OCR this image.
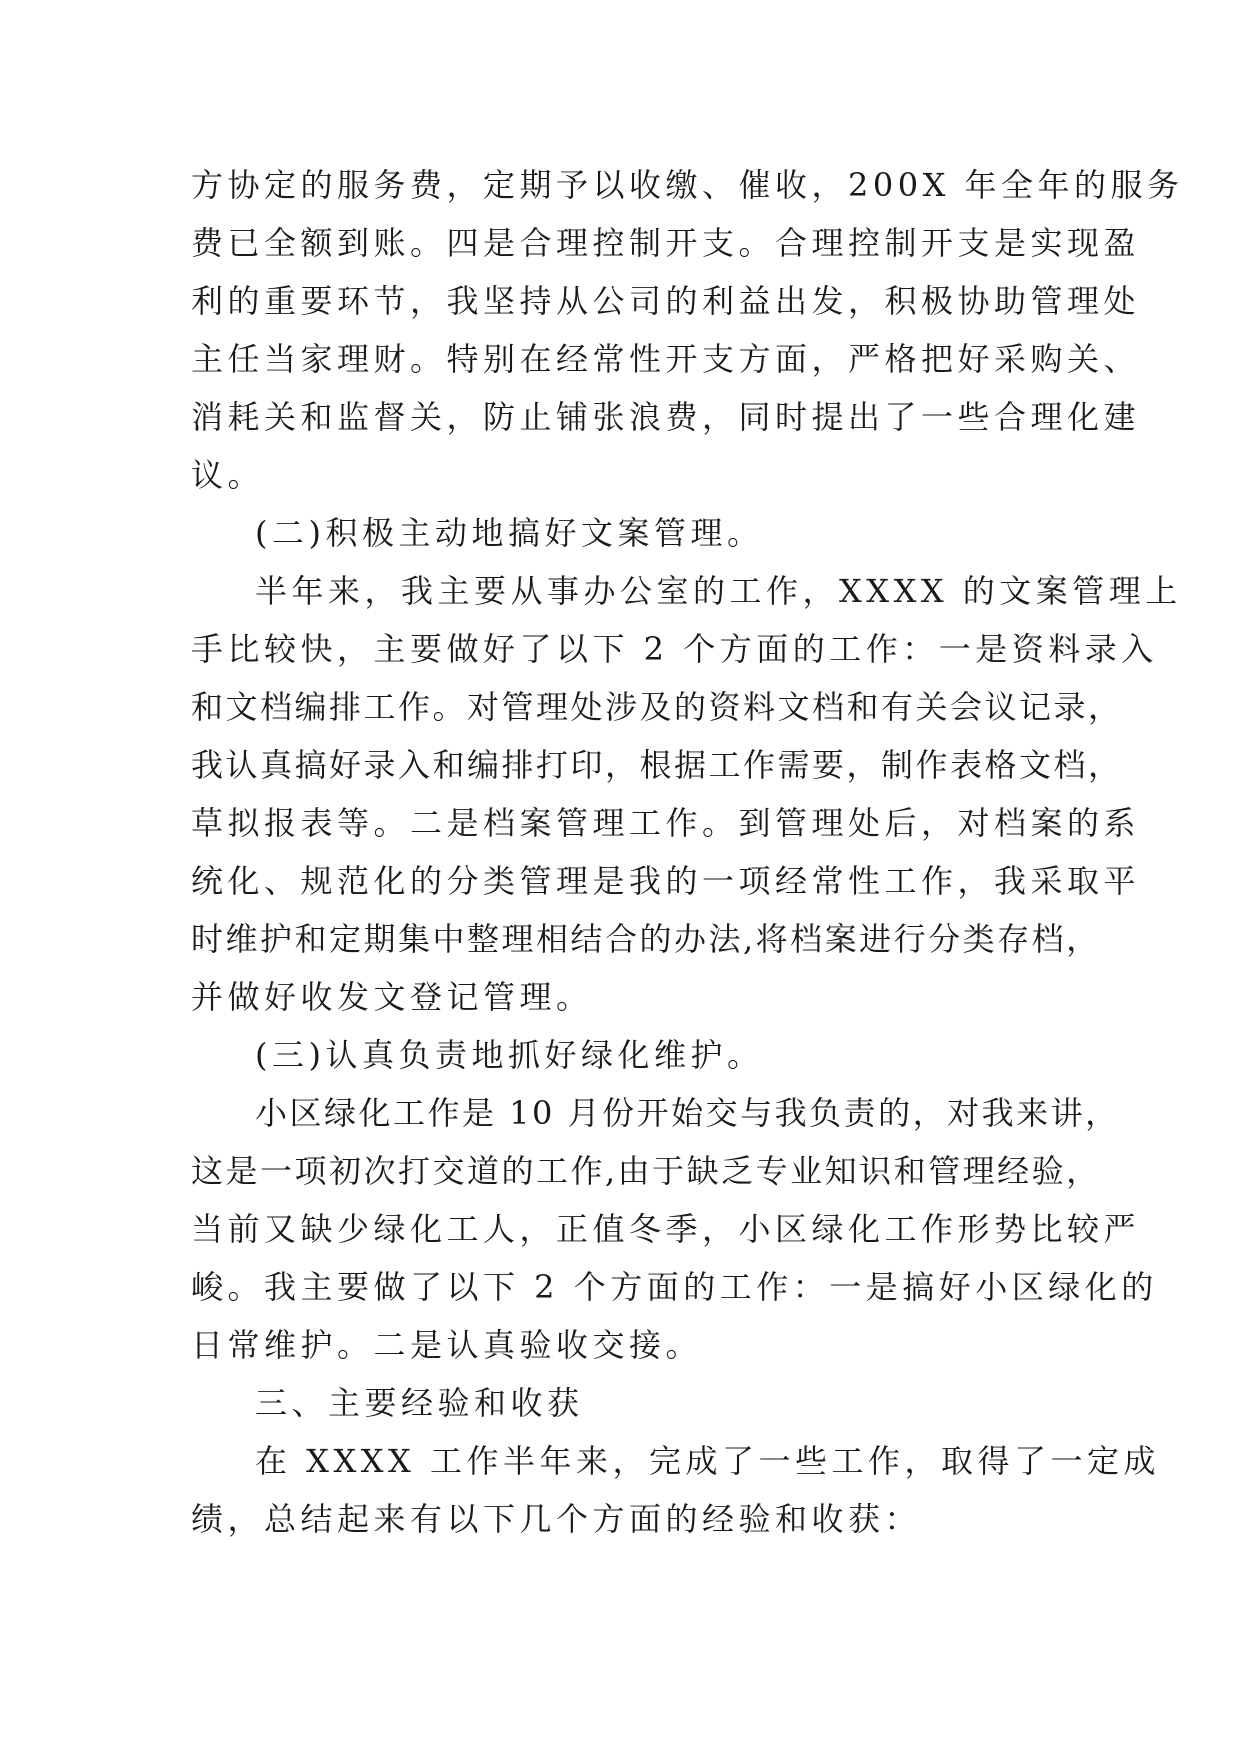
方协定的服务费，定期予以收缴、催收，200X 年全年的服务
费已全额到账。四是合理控制开支。合理控制开支是实现盈
利的重要环节，我坚持从公司的利益出发，积极协助管理处
主任当家理财。特别在经常性开支方面，严格把好采购关、
消耗关和监督关，防止铺张浪费，同时提出了一些合理化建
议。
(二)积极主动地搞好文案管理。
半年来，我主要从事办公室的工作，XXXX 的文案管理上
手比较快，主要做好了以下 2 个方面的工作：一是资料录入
和文档编排工作。对管理处涉及的资料文档和有关会议记录，
我认真搞好录入和编排打印，根据工作需要，制作表格文档，
草拟报表等。二是档案管理工作。到管理处后，对档案的系
统化、规范化的分类管理是我的一项经常性工作，我采取平
时维护和定期集中整理相结合的办法,将档案进行分类存档，
并做好收发文登记管理。
(三)认真负责地抓好绿化维护。
小区绿化工作是 10 月份开始交与我负责的，对我来讲，
这是一项初次打交道的工作,由于缺乏专业知识和管理经验，
当前又缺少绿化工人，正值冬季，小区绿化工作形势比较严
峻。我主要做了以下 2 个方面的工作：一是搞好小区绿化的
日常维护。二是认真验收交接。
三、主要经验和收获
在 XXXX 工作半年来，完成了一些工作，取得了一定成
绩，总结起来有以下几个方面的经验和收获：
